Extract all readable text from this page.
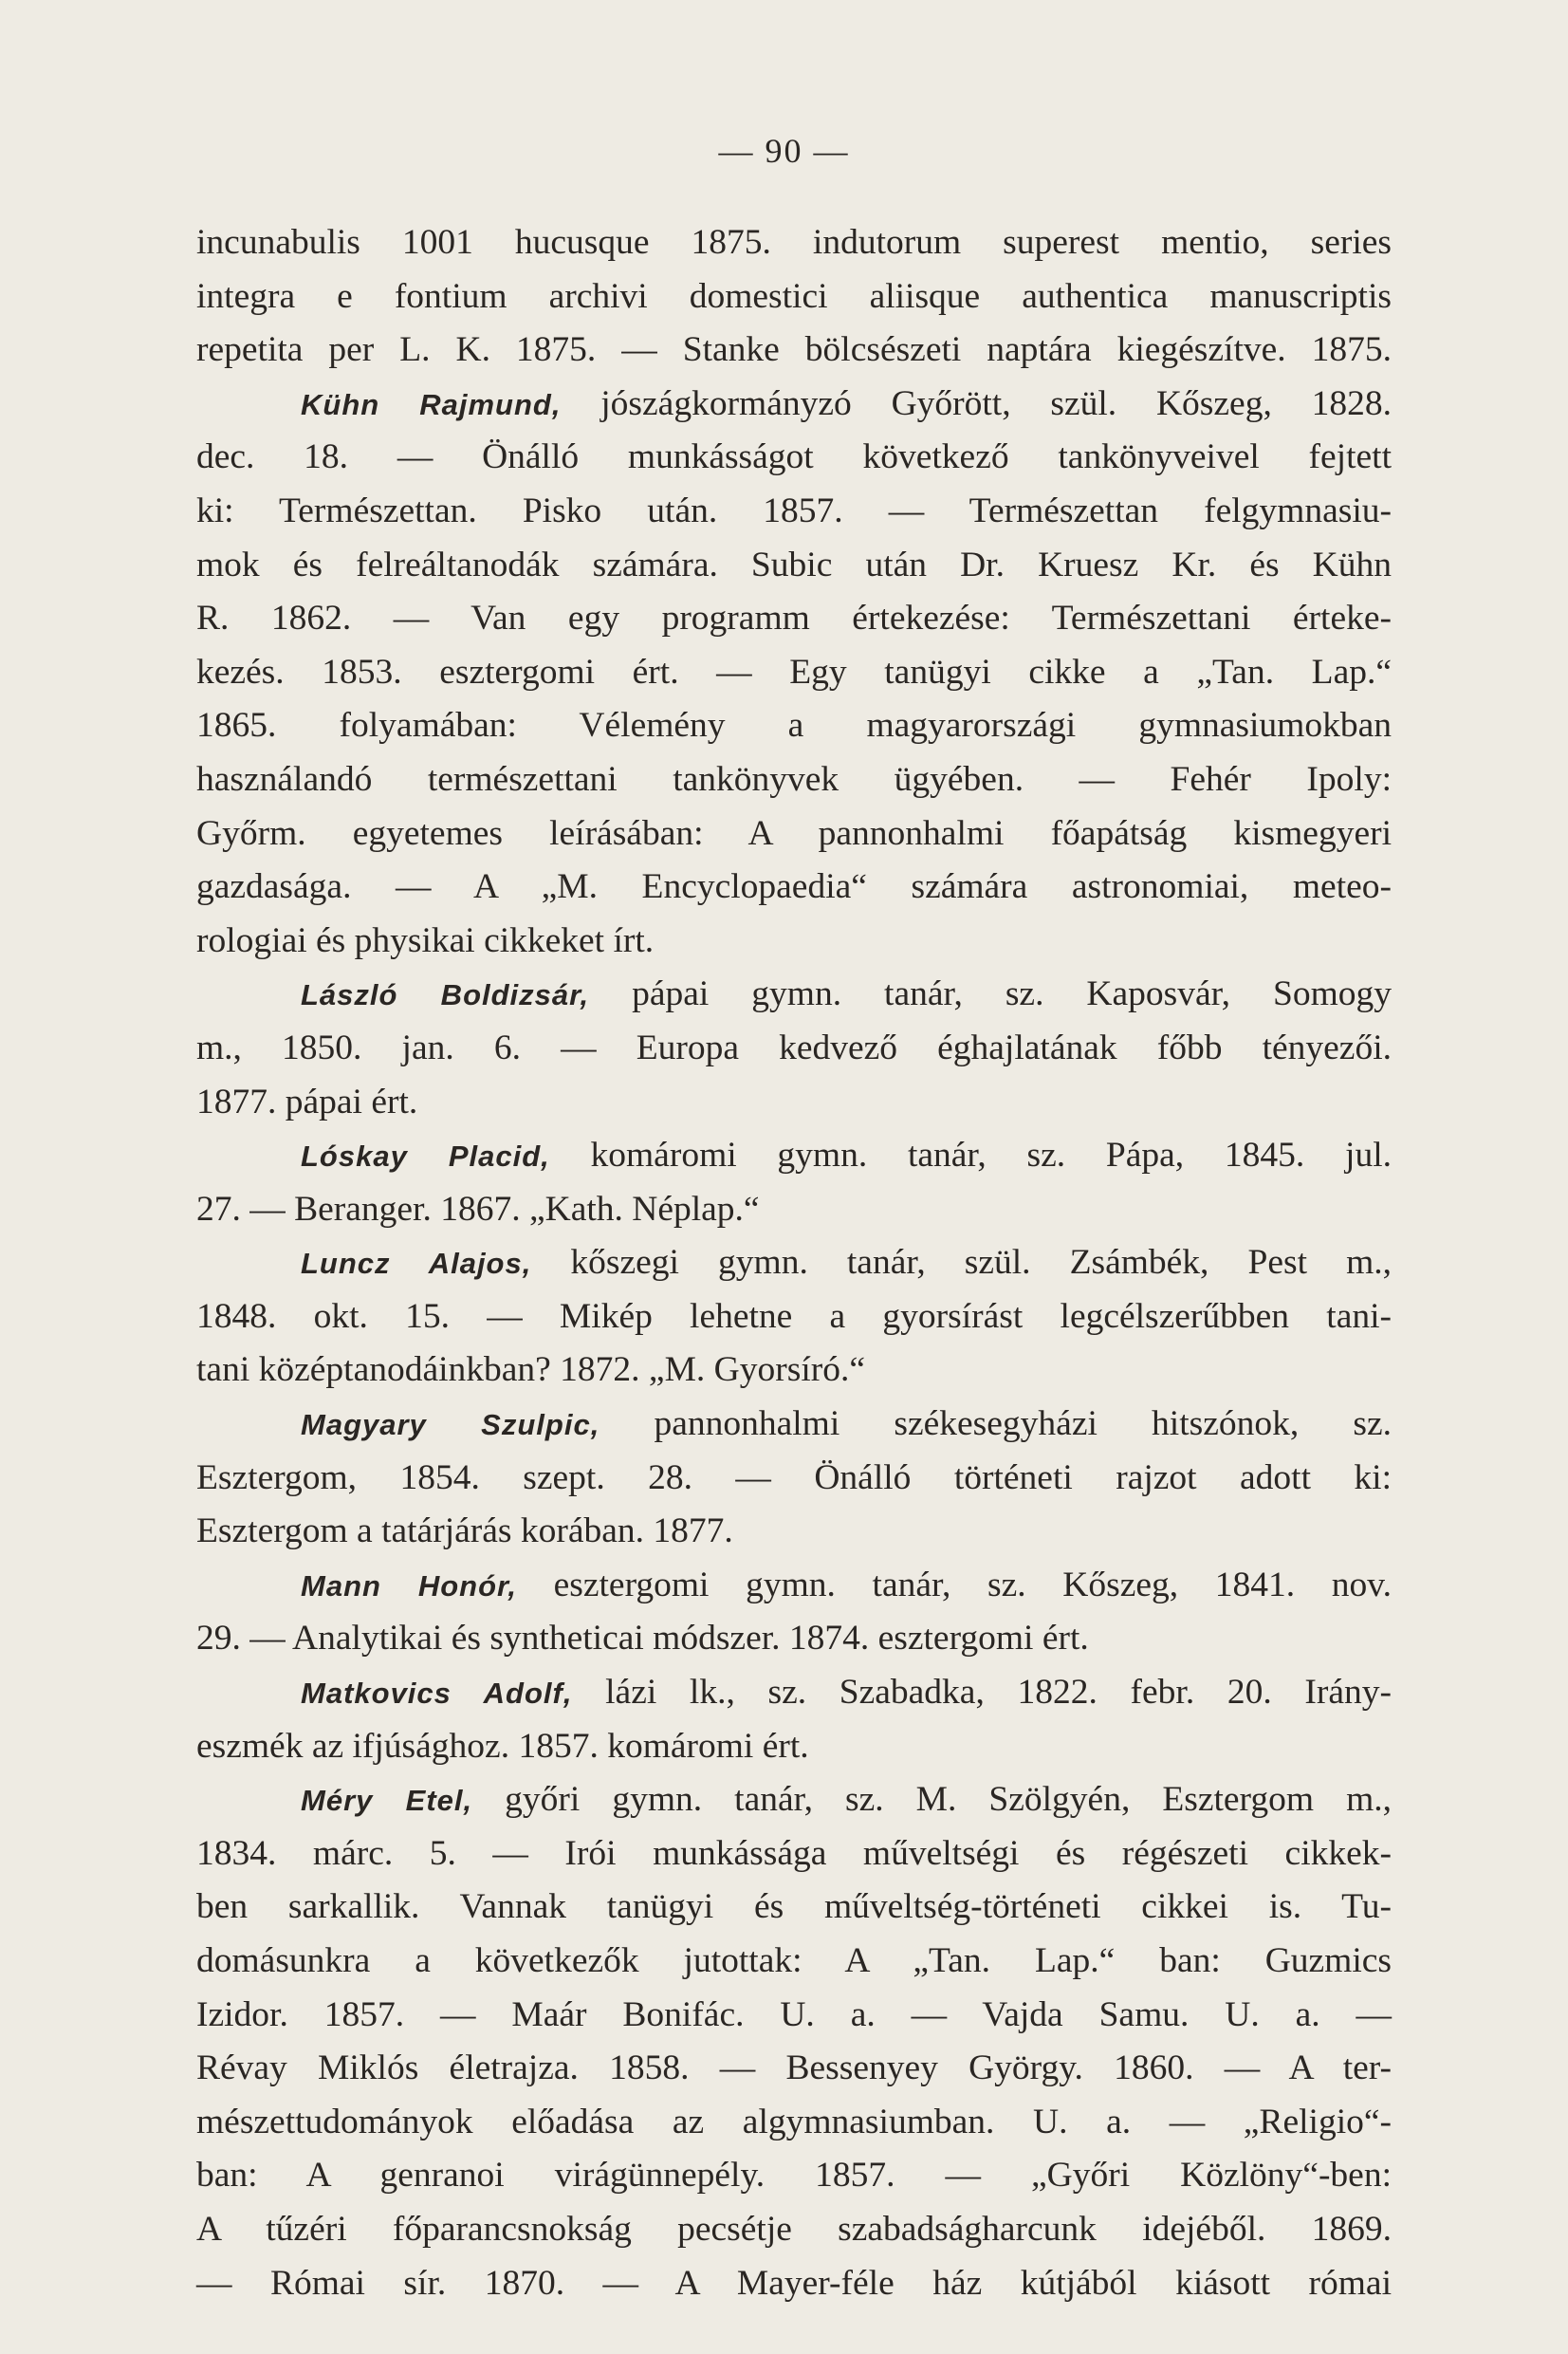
— 90 —
incunabulis 1001 hucusque 1875. indutorum superest mentio, series
integra e fontium archivi domestici aliisque authentica manuscriptis
repetita per L. K. 1875. — Stanke bölcsészeti naptára kiegészítve. 1875.
Kühn Rajmund, jószágkormányzó Győrött, szül. Kőszeg, 1828.
dec. 18. — Önálló munkásságot következő tankönyveivel fejtett
ki: Természettan. Pisko után. 1857. — Természettan felgymnasiu-
mok és felreáltanodák számára. Subic után Dr. Kruesz Kr. és Kühn
R. 1862. — Van egy programm értekezése: Természettani érteke-
kezés. 1853. esztergomi ért. — Egy tanügyi cikke a „Tan. Lap.“
1865. folyamában: Vélemény a magyarországi gymnasiumokban
használandó természettani tankönyvek ügyében. — Fehér Ipoly:
Győrm. egyetemes leírásában: A pannonhalmi főapátság kismegyeri
gazdasága. — A „M. Encyclopaedia“ számára astronomiai, meteo-
rologiai és physikai cikkeket írt.
László Boldizsár, pápai gymn. tanár, sz. Kaposvár, Somogy
m., 1850. jan. 6. — Europa kedvező éghajlatának főbb tényezői.
1877. pápai ért.
Lóskay Placid, komáromi gymn. tanár, sz. Pápa, 1845. jul.
27. — Beranger. 1867. „Kath. Néplap.“
Luncz Alajos, kőszegi gymn. tanár, szül. Zsámbék, Pest m.,
1848. okt. 15. — Mikép lehetne a gyorsírást legcélszerűbben tani-
tani középtanodáinkban? 1872. „M. Gyorsíró.“
Magyary Szulpic, pannonhalmi székesegyházi hitszónok, sz.
Esztergom, 1854. szept. 28. — Önálló történeti rajzot adott ki:
Esztergom a tatárjárás korában. 1877.
Mann Honór, esztergomi gymn. tanár, sz. Kőszeg, 1841. nov.
29. — Analytikai és syntheticai módszer. 1874. esztergomi ért.
Matkovics Adolf, lázi lk., sz. Szabadka, 1822. febr. 20. Irány-
eszmék az ifjúsághoz. 1857. komáromi ért.
Méry Etel, győri gymn. tanár, sz. M. Szölgyén, Esztergom m.,
1834. márc. 5. — Irói munkássága műveltségi és régészeti cikkek-
ben sarkallik. Vannak tanügyi és műveltség-történeti cikkei is. Tu-
domásunkra a következők jutottak: A „Tan. Lap.“ ban: Guzmics
Izidor. 1857. — Maár Bonifác. U. a. — Vajda Samu. U. a. —
Révay Miklós életrajza. 1858. — Bessenyey György. 1860. — A ter-
mészettudományok előadása az algymnasiumban. U. a. — „Religio“-
ban: A genranoi virágünnepély. 1857. — „Győri Közlöny“-ben:
A tűzéri főparancsnokság pecsétje szabadságharcunk idejéből. 1869.
— Római sír. 1870. — A Mayer-féle ház kútjából kiásott római
